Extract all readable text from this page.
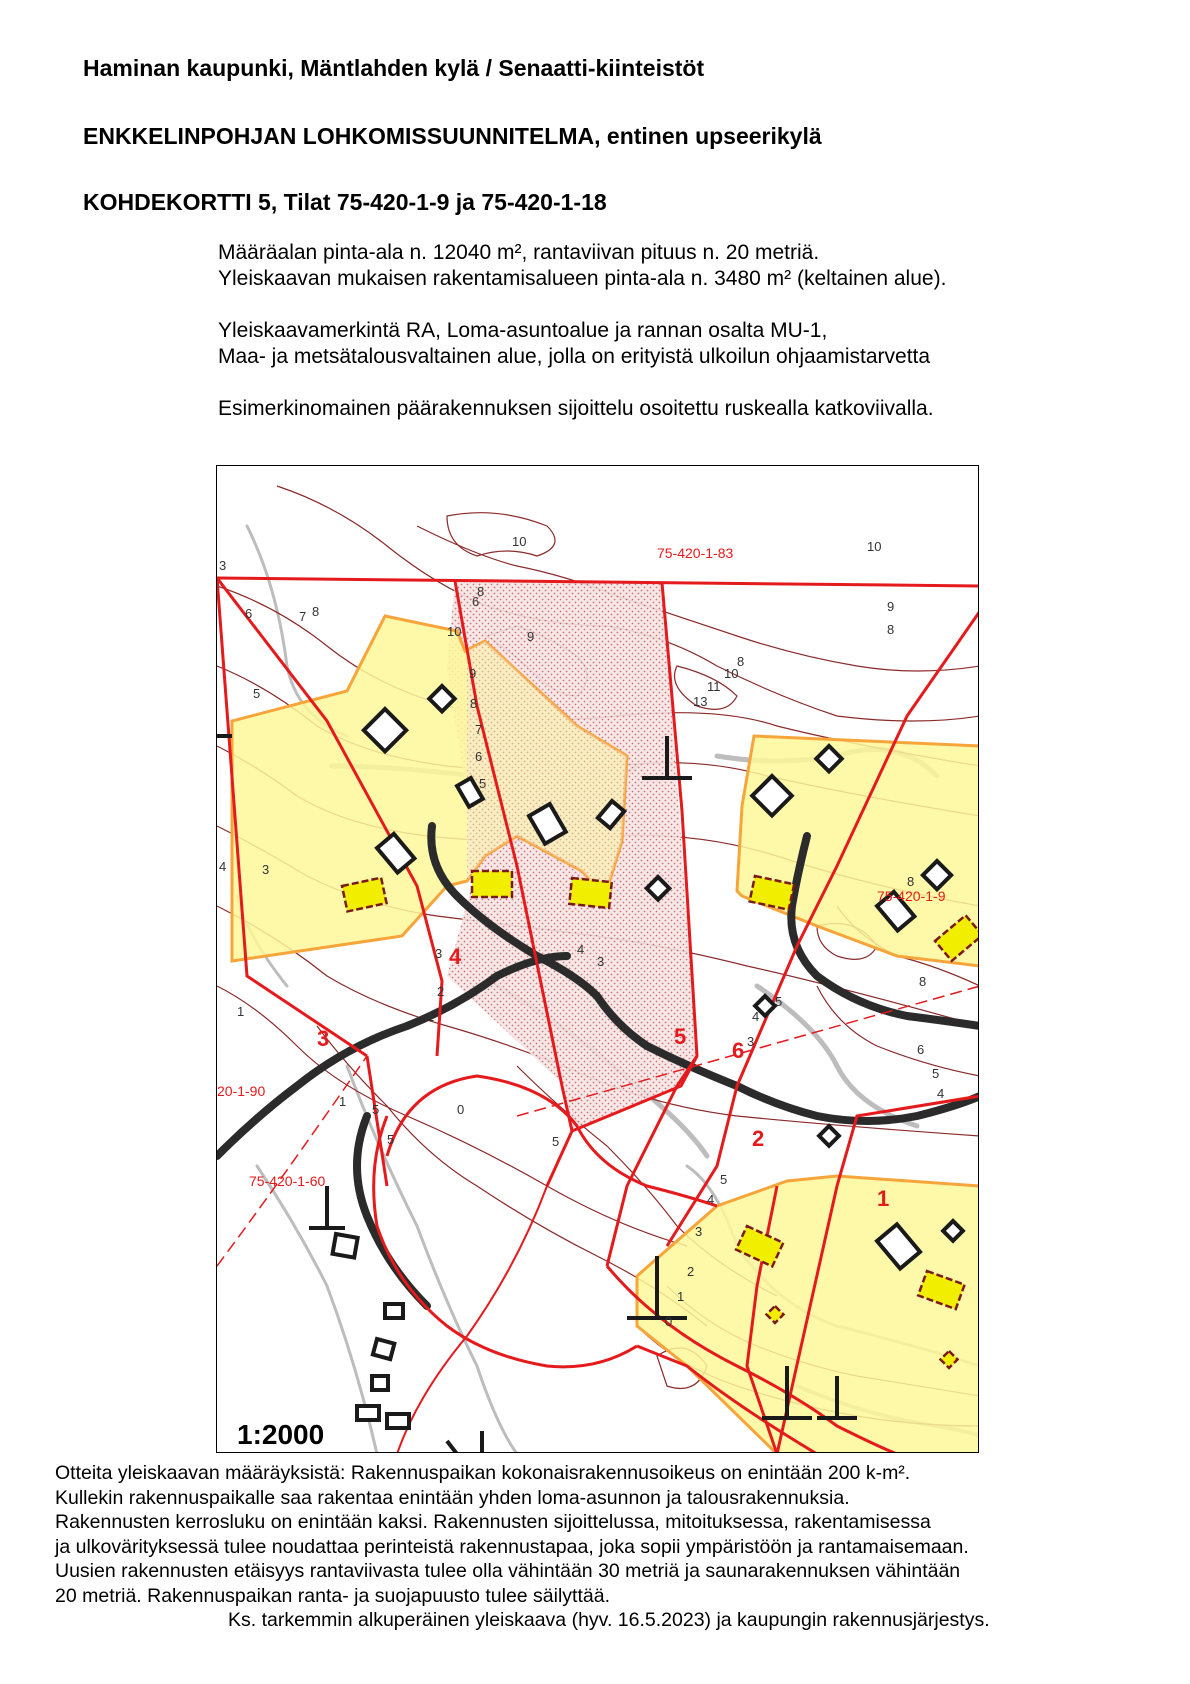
Haminan kaupunki, Mäntlahden kylä / Senaatti-kiinteistöt
ENKKELINPOHJAN LOHKOMISSUUNNITELMA, entinen upseerikylä
KOHDEKORTTI 5, Tilat 75-420-1-9 ja 75-420-1-18
Määräalan pinta-ala n. 12040 m², rantaviivan pituus n. 20 metriä.
Yleiskaavan mukaisen rakentamisalueen pinta-ala n. 3480 m² (keltainen alue).
Yleiskaavamerkintä RA, Loma-asuntoalue ja rannan osalta MU-1,
Maa- ja metsätalousvaltainen alue, jolla on erityistä ulkoilun ohjaamistarvetta
Esimerkinomainen päärakennuksen sijoittelu osoitettu ruskealla katkoviivalla.
75-420-1-83
75-420-1-9
20-1-90
75-420-1-60
1
2
3
4
5
6
3
6	8
7
5
4	3
9
8
7
6
5
10	9
8
10
6	9
8
8
10
11
13
10
8
6
5
4
3
2
1
0
5
4
3
2
1
0
5
4
3
1
5
5	5
4
3
1
8
1:2000
Otteita yleiskaavan määräyksistä: Rakennuspaikan kokonaisrakennusoikeus on enintään 200 k-m².
Kullekin rakennuspaikalle saa rakentaa enintään yhden loma-asunnon ja talousrakennuksia.
Rakennusten kerrosluku on enintään kaksi. Rakennusten sijoittelussa, mitoituksessa, rakentamisessa
ja ulkovärityksessä tulee noudattaa perinteistä rakennustapaa, joka sopii ympäristöön ja rantamaisemaan.
Uusien rakennusten etäisyys rantaviivasta tulee olla vähintään 30 metriä ja saunarakennuksen vähintään
20 metriä. Rakennuspaikan ranta- ja suojapuusto tulee säilyttää.
Ks. tarkemmin alkuperäinen yleiskaava (hyv. 16.5.2023) ja kaupungin rakennusjärjestys.
